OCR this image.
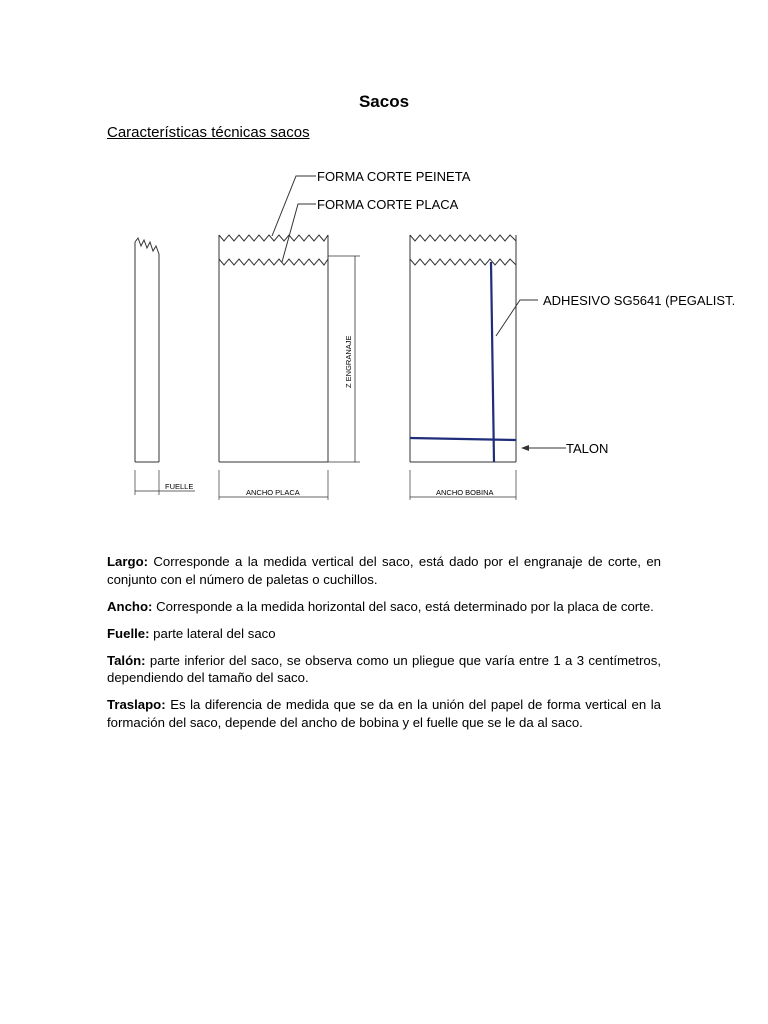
Sacos
Características técnicas sacos
FUELLE
Z ENGRANAJE
ANCHO PLACA
FORMA CORTE PEINETA
FORMA CORTE PLACA
ANCHO BOBINA
ADHESIVO SG5641 (PEGALIST.
TALON

Largo: Corresponde a la medida vertical del saco, está dado por el engranaje de corte, en conjunto con el número de paletas o cuchillos.

Ancho: Corresponde a la medida horizontal del saco, está determinado por la placa de corte.

Fuelle: parte lateral del saco

Talón: parte inferior del saco, se observa como un pliegue que varía entre 1 a 3 centímetros, dependiendo del tamaño del saco.

Traslapo: Es la diferencia de medida que se da en la unión del papel de forma vertical en la formación del saco, depende del ancho de bobina y el fuelle que se le da al saco.
